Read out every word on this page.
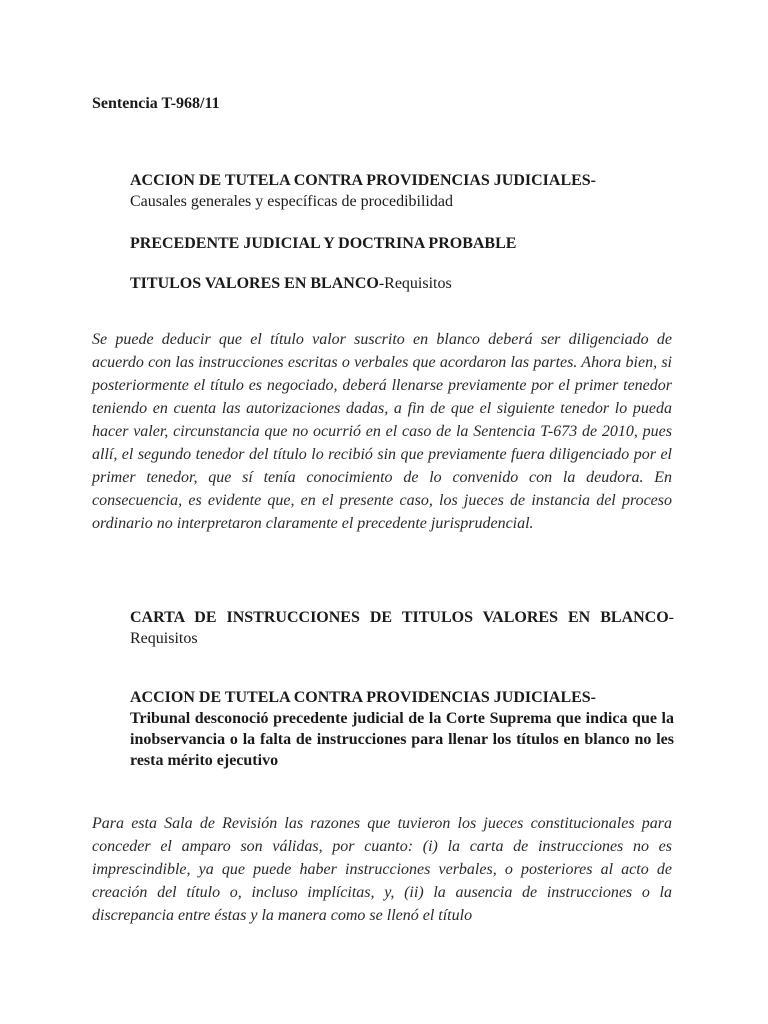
Sentencia T-968/11
ACCION DE TUTELA CONTRA PROVIDENCIAS JUDICIALES-
Causales generales y específicas de procedibilidad
PRECEDENTE JUDICIAL Y DOCTRINA PROBABLE
TITULOS VALORES EN BLANCO-Requisitos
Se puede deducir que el título valor suscrito en blanco deberá ser diligenciado de acuerdo con las instrucciones escritas o verbales que acordaron las partes. Ahora bien, si posteriormente el título es negociado, deberá llenarse previamente por el primer tenedor teniendo en cuenta las autorizaciones dadas, a fin de que el siguiente tenedor lo pueda hacer valer, circunstancia que no ocurrió en el caso de la Sentencia T-673 de 2010, pues allí, el segundo tenedor del título lo recibió sin que previamente fuera diligenciado por el primer tenedor, que sí tenía conocimiento de lo convenido con la deudora. En consecuencia, es evidente que, en el presente caso, los jueces de instancia del proceso ordinario no interpretaron claramente el precedente jurisprudencial.
CARTA DE INSTRUCCIONES DE TITULOS VALORES EN BLANCO-Requisitos
ACCION DE TUTELA CONTRA PROVIDENCIAS JUDICIALES-
Tribunal desconoció precedente judicial de la Corte Suprema que indica que la inobservancia o la falta de instrucciones para llenar los títulos en blanco no les resta mérito ejecutivo
Para esta Sala de Revisión las razones que tuvieron los jueces constitucionales para conceder el amparo son válidas, por cuanto: (i) la carta de instrucciones no es imprescindible, ya que puede haber instrucciones verbales, o posteriores al acto de creación del título o, incluso implícitas, y, (ii) la ausencia de instrucciones o la discrepancia entre éstas y la manera como se llenó el título
